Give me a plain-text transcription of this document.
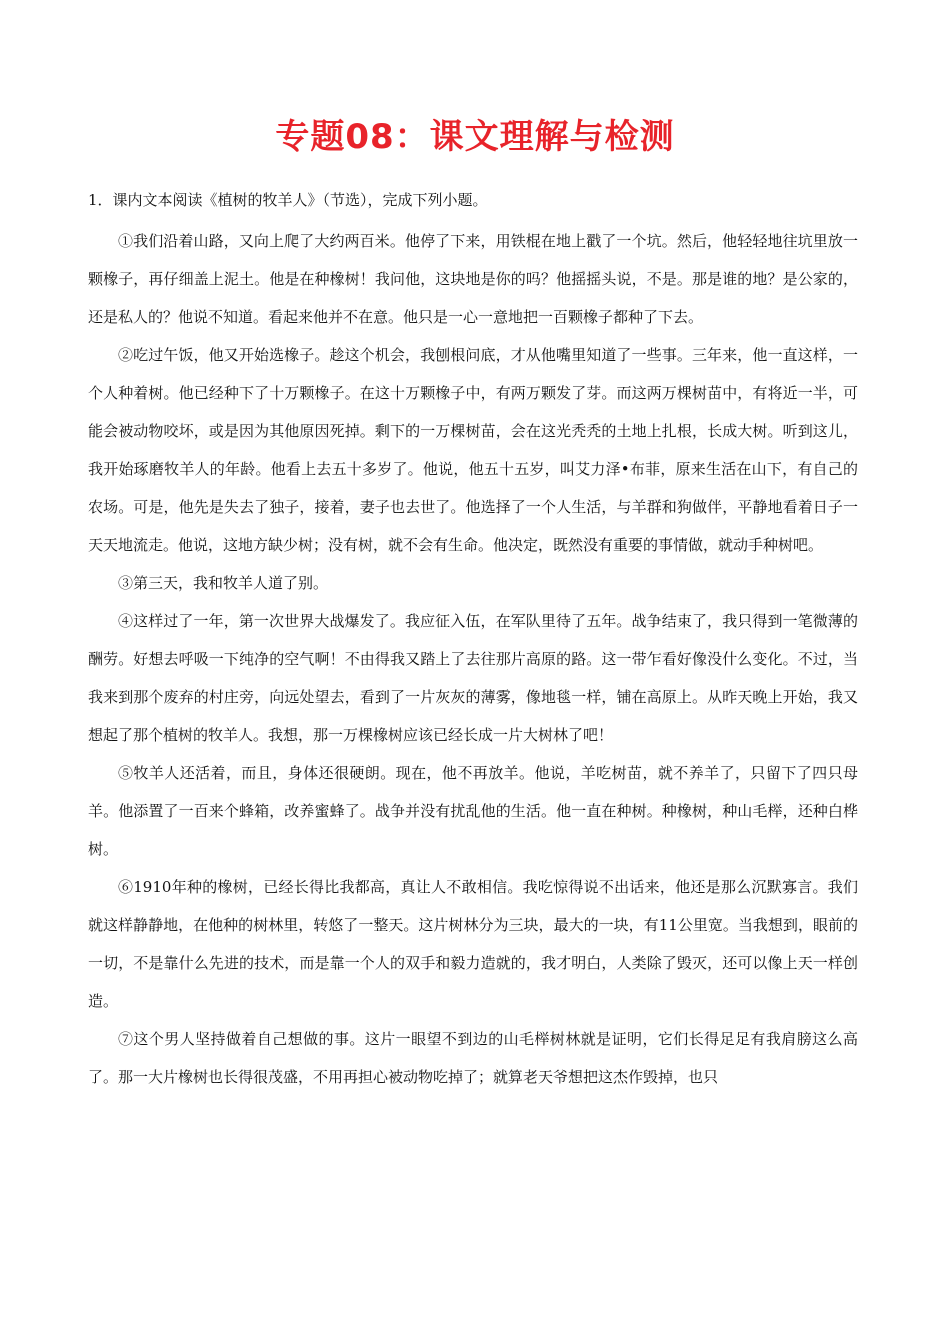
专题08：课文理解与检测
1．课内文本阅读《植树的牧羊人》（节选），完成下列小题。

①我们沿着山路，又向上爬了大约两百米。他停了下来，用铁棍在地上戳了一个坑。然后，他轻轻地往坑里放一颗橡子，再仔细盖上泥土。他是在种橡树！我问他，这块地是你的吗？他摇摇头说，不是。那是谁的地？是公家的，还是私人的？他说不知道。看起来他并不在意。他只是一心一意地把一百颗橡子都种了下去。

②吃过午饭，他又开始选橡子。趁这个机会，我刨根问底，才从他嘴里知道了一些事。三年来，他一直这样，一个人种着树。他已经种下了十万颗橡子。在这十万颗橡子中，有两万颗发了芽。而这两万棵树苗中，有将近一半，可能会被动物咬坏，或是因为其他原因死掉。剩下的一万棵树苗，会在这光秃秃的土地上扎根，长成大树。听到这儿，我开始琢磨牧羊人的年龄。他看上去五十多岁了。他说，他五十五岁，叫艾力泽•布菲，原来生活在山下，有自己的农场。可是，他先是失去了独子，接着，妻子也去世了。他选择了一个人生活，与羊群和狗做伴，平静地看着日子一天天地流走。他说，这地方缺少树；没有树，就不会有生命。他决定，既然没有重要的事情做，就动手种树吧。

③第三天，我和牧羊人道了别。

④这样过了一年，第一次世界大战爆发了。我应征入伍，在军队里待了五年。战争结束了，我只得到一笔微薄的酬劳。好想去呼吸一下纯净的空气啊！不由得我又踏上了去往那片高原的路。这一带乍看好像没什么变化。不过，当我来到那个废弃的村庄旁，向远处望去，看到了一片灰灰的薄雾，像地毯一样，铺在高原上。从昨天晚上开始，我又想起了那个植树的牧羊人。我想，那一万棵橡树应该已经长成一片大树林了吧！

⑤牧羊人还活着，而且，身体还很硬朗。现在，他不再放羊。他说，羊吃树苗，就不养羊了，只留下了四只母羊。他添置了一百来个蜂箱，改养蜜蜂了。战争并没有扰乱他的生活。他一直在种树。种橡树，种山毛榉，还种白桦树。

⑥1910年种的橡树，已经长得比我都高，真让人不敢相信。我吃惊得说不出话来，他还是那么沉默寡言。我们就这样静静地，在他种的树林里，转悠了一整天。这片树林分为三块，最大的一块，有11公里宽。当我想到，眼前的一切，不是靠什么先进的技术，而是靠一个人的双手和毅力造就的，我才明白，人类除了毁灭，还可以像上天一样创造。

⑦这个男人坚持做着自己想做的事。这片一眼望不到边的山毛榉树林就是证明，它们长得足足有我肩膀这么高了。那一大片橡树也长得很茂盛，不用再担心被动物吃掉了；就算老天爷想把这杰作毁掉，也只
